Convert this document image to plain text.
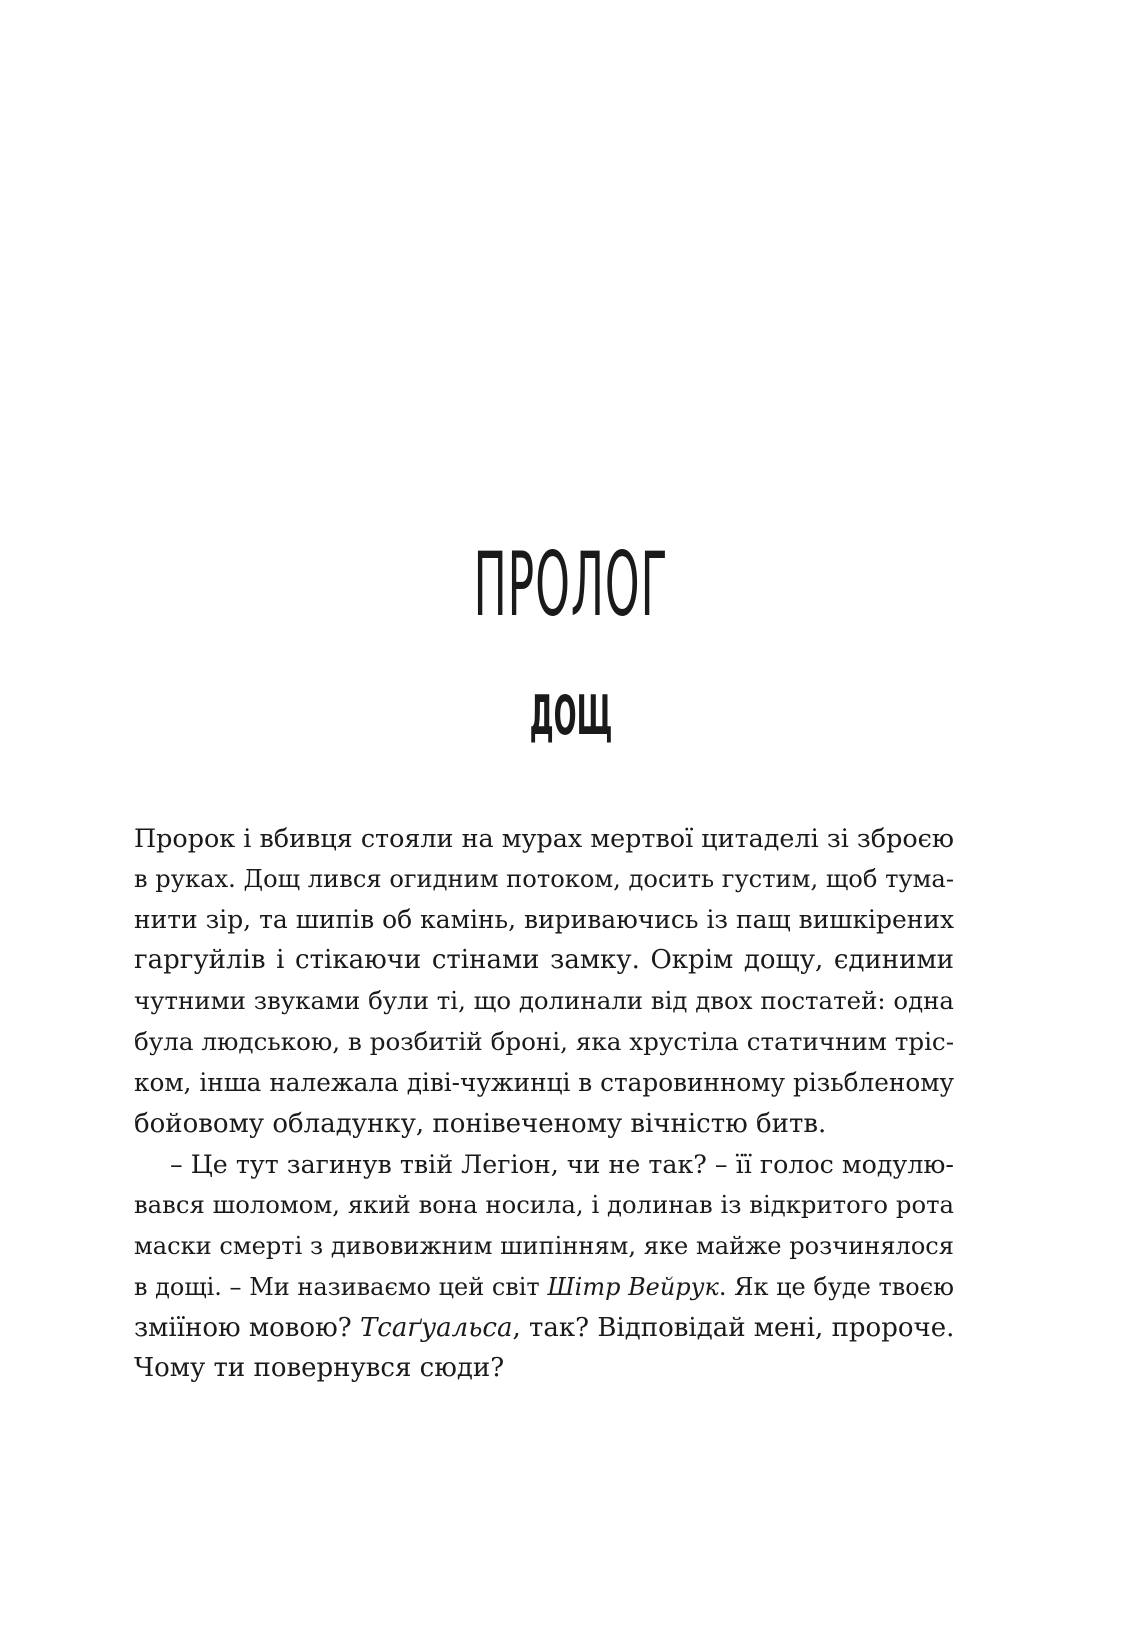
ПРОЛОГ
ДОЩ
Пророк і вбивця стояли на мурах мертвої цитаделі зі зброєю
в руках. Дощ лився огидним потоком, досить густим, щоб тума-
нити зір, та шипів об камінь, вириваючись із пащ вишкірених
гаргуйлів і стікаючи стінами замку. Окрім дощу, єдиними
чутними звуками були ті, що долинали від двох постатей: одна
була людською, в розбитій броні, яка хрустіла статичним тріс-
ком, інша належала діві-чужинці в старовинному різьбленому
бойовому обладунку, понівеченому вічністю битв.
– Це тут загинув твій Легіон, чи не так? – її голос модулю-
вався шоломом, який вона носила, і долинав із відкритого рота
маски смерті з дивовижним шипінням, яке майже розчинялося
в дощі. – Ми називаємо цей світ Шітр Вейрук. Як це буде твоєю
зміїною мовою? Тсаґуальса, так? Відповідай мені, пророче.
Чому ти повернувся сюди?
